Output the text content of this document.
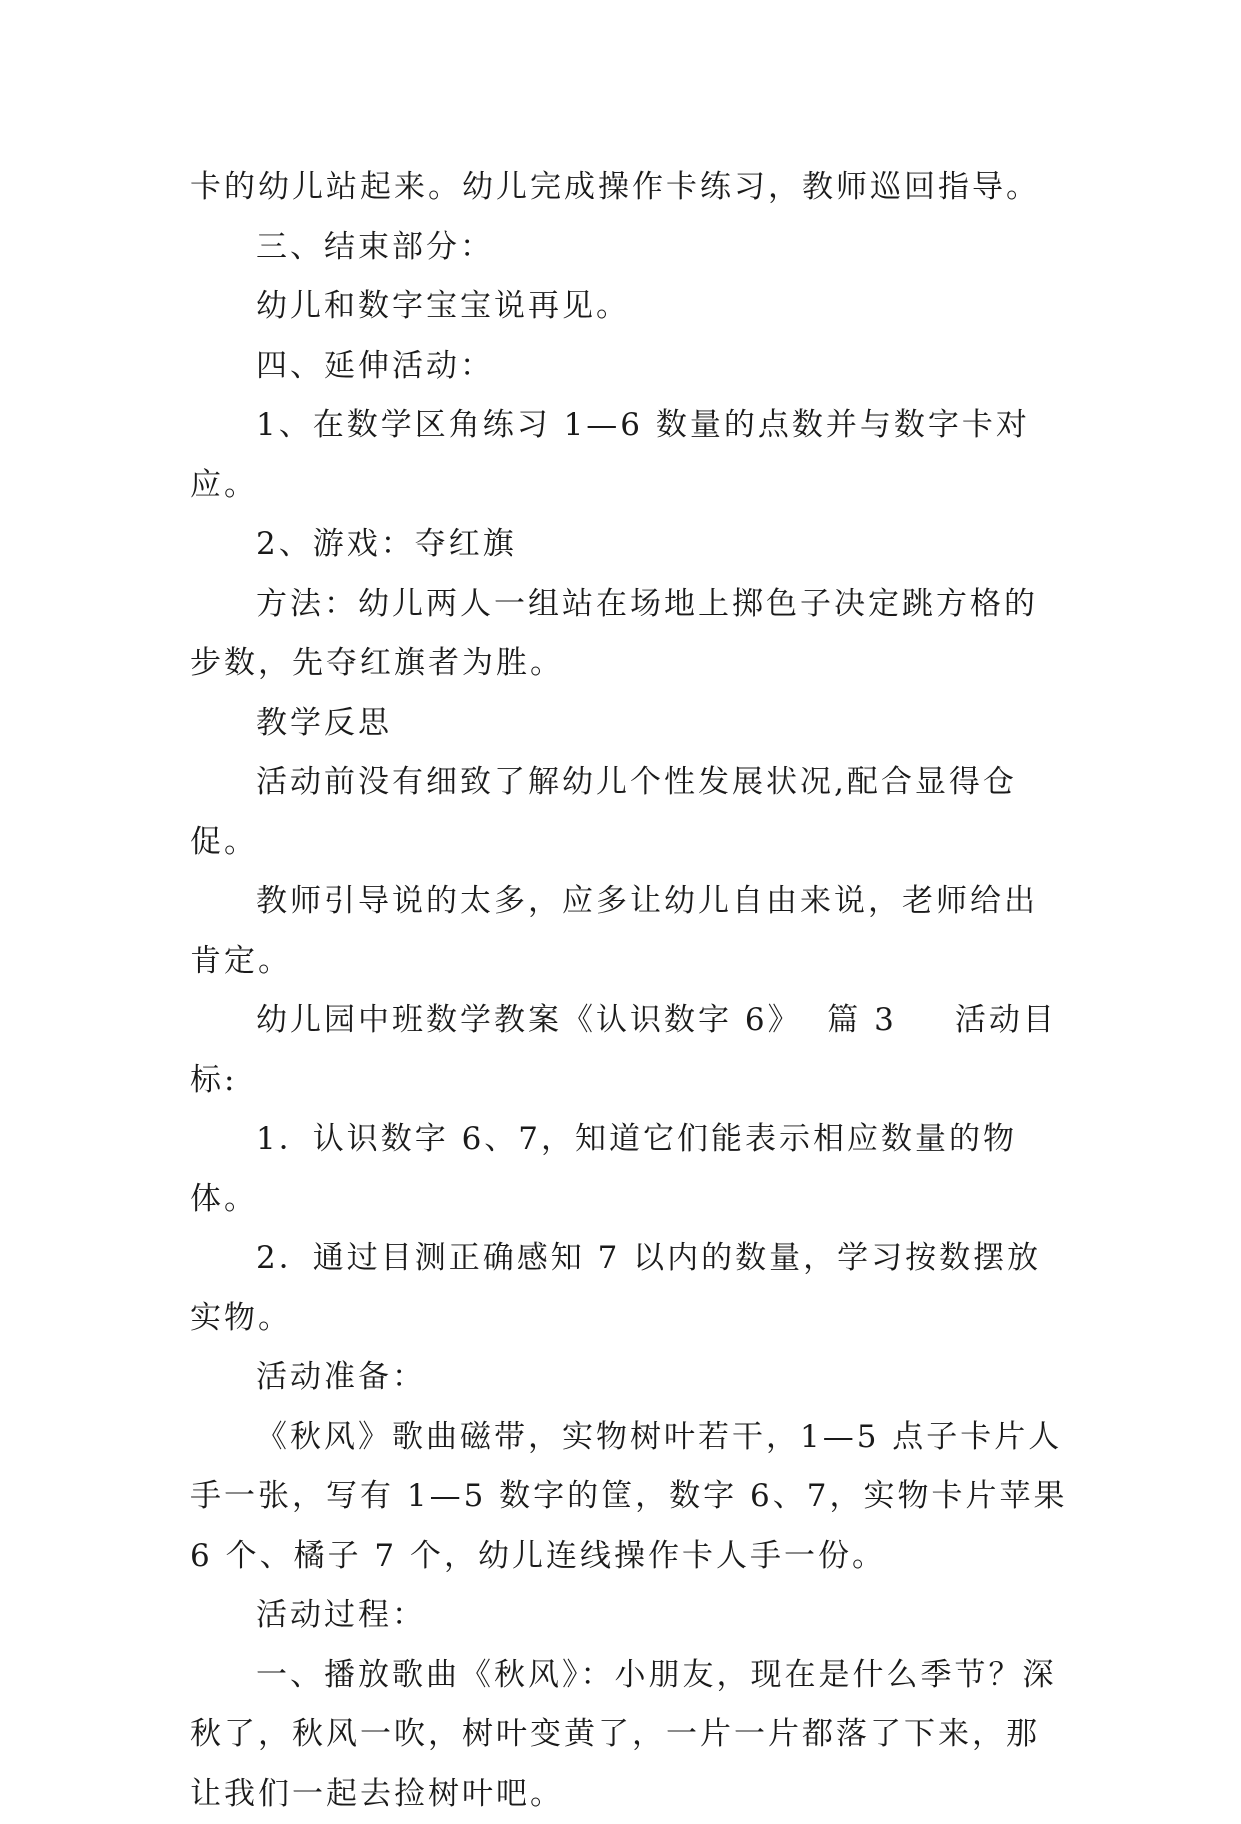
卡的幼儿站起来。幼儿完成操作卡练习，教师巡回指导。

三、结束部分：

幼儿和数字宝宝说再见。

四、延伸活动：

1、在数学区角练习 1—6 数量的点数并与数字卡对应。

2、游戏：夺红旗

方法：幼儿两人一组站在场地上掷色子决定跳方格的步数，先夺红旗者为胜。

教学反思

活动前没有细致了解幼儿个性发展状况,配合显得仓促。

教师引导说的太多，应多让幼儿自由来说，老师给出肯定。

幼儿园中班数学教案《认识数字 6》 篇 3 活动目标:

1．认识数字 6、7，知道它们能表示相应数量的物体。

2．通过目测正确感知 7 以内的数量，学习按数摆放实物。

活动准备：

《秋风》歌曲磁带，实物树叶若干，1—5 点子卡片人手一张，写有 1—5 数字的筐，数字 6、7，实物卡片苹果 6 个、橘子 7 个，幼儿连线操作卡人手一份。

活动过程：

一、播放歌曲《秋风》：小朋友，现在是什么季节？深秋了，秋风一吹，树叶变黄了，一片一片都落了下来，那让我们一起去捡树叶吧。
